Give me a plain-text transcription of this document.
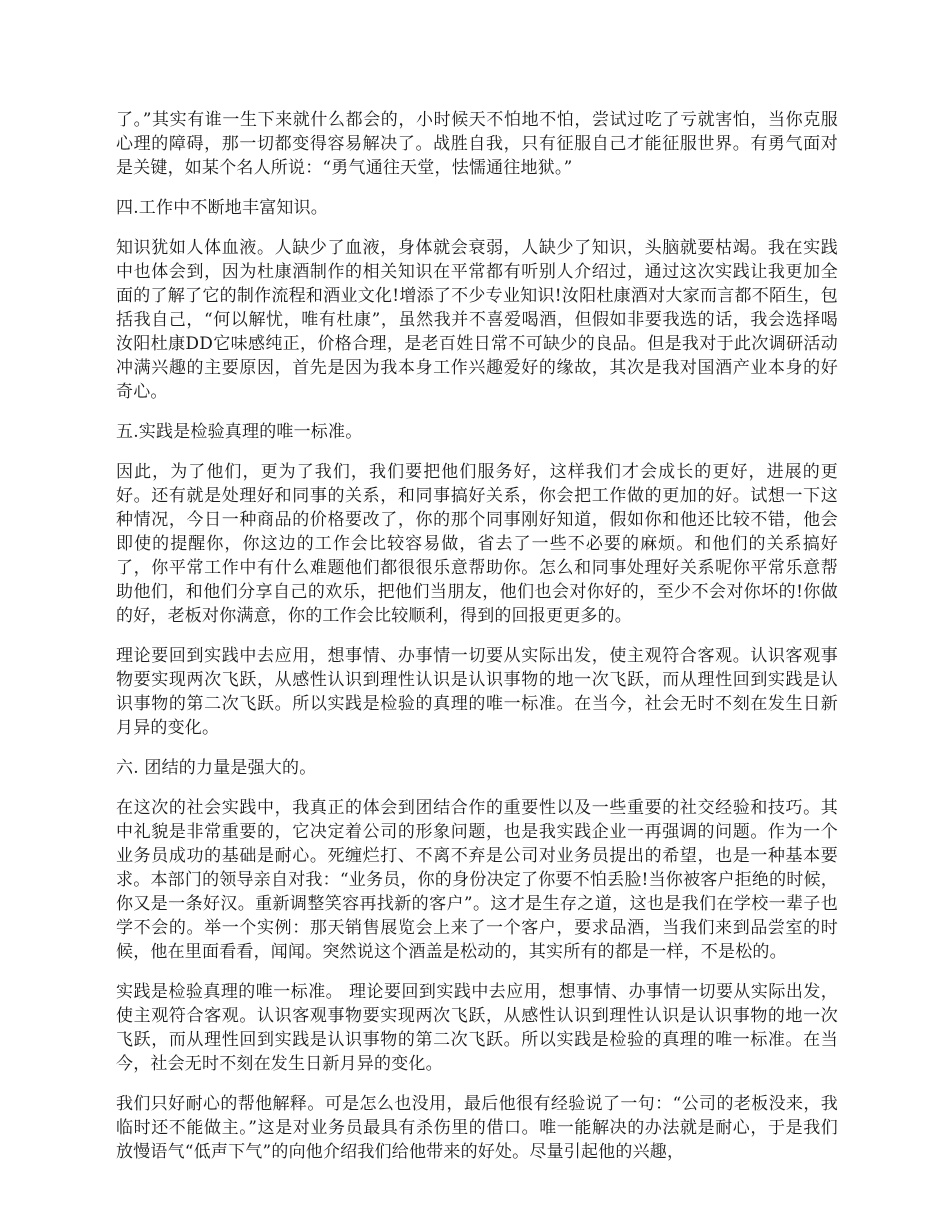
了。”其实有谁一生下来就什么都会的，小时候天不怕地不怕，尝试过吃了亏就害怕，当你克服心理的障碍，那一切都变得容易解决了。战胜自我，只有征服自己才能征服世界。有勇气面对是关键，如某个名人所说：“勇气通往天堂，怯懦通往地狱。”

四.工作中不断地丰富知识。

知识犹如人体血液。人缺少了血液，身体就会衰弱，人缺少了知识，头脑就要枯竭。我在实践中也体会到，因为杜康酒制作的相关知识在平常都有听别人介绍过，通过这次实践让我更加全面的了解了它的制作流程和酒业文化!增添了不少专业知识!汝阳杜康酒对大家而言都不陌生，包括我自己，“何以解忧，唯有杜康”，虽然我并不喜爱喝酒，但假如非要我选的话，我会选择喝汝阳杜康DD它味感纯正，价格合理，是老百姓日常不可缺少的良品。但是我对于此次调研活动冲满兴趣的主要原因，首先是因为我本身工作兴趣爱好的缘故，其次是我对国酒产业本身的好奇心。

五.实践是检验真理的唯一标准。

因此，为了他们，更为了我们，我们要把他们服务好，这样我们才会成长的更好，进展的更好。还有就是处理好和同事的关系，和同事搞好关系，你会把工作做的更加的好。试想一下这种情况，今日一种商品的价格要改了，你的那个同事刚好知道，假如你和他还比较不错，他会即使的提醒你，你这边的工作会比较容易做，省去了一些不必要的麻烦。和他们的关系搞好了，你平常工作中有什么难题他们都很很乐意帮助你。怎么和同事处理好关系呢你平常乐意帮助他们，和他们分享自己的欢乐，把他们当朋友，他们也会对你好的，至少不会对你坏的!你做的好，老板对你满意，你的工作会比较顺利，得到的回报更更多的。

理论要回到实践中去应用，想事情、办事情一切要从实际出发，使主观符合客观。认识客观事物要实现两次飞跃，从感性认识到理性认识是认识事物的地一次飞跃，而从理性回到实践是认识事物的第二次飞跃。所以实践是检验的真理的唯一标准。在当今，社会无时不刻在发生日新月异的变化。

六. 团结的力量是强大的。

在这次的社会实践中，我真正的体会到团结合作的重要性以及一些重要的社交经验和技巧。其中礼貌是非常重要的，它决定着公司的形象问题，也是我实践企业一再强调的问题。作为一个业务员成功的基础是耐心。死缠烂打、不离不弃是公司对业务员提出的希望，也是一种基本要求。本部门的领导亲自对我：“业务员，你的身份决定了你要不怕丢脸!当你被客户拒绝的时候，你又是一条好汉。重新调整笑容再找新的客户”。这才是生存之道，这也是我们在学校一辈子也学不会的。举一个实例：那天销售展览会上来了一个客户，要求品酒，当我们来到品尝室的时候，他在里面看看，闻闻。突然说这个酒盖是松动的，其实所有的都是一样，不是松的。

实践是检验真理的唯一标准。 理论要回到实践中去应用，想事情、办事情一切要从实际出发，使主观符合客观。认识客观事物要实现两次飞跃，从感性认识到理性认识是认识事物的地一次飞跃，而从理性回到实践是认识事物的第二次飞跃。所以实践是检验的真理的唯一标准。在当今，社会无时不刻在发生日新月异的变化。

我们只好耐心的帮他解释。可是怎么也没用，最后他很有经验说了一句：“公司的老板没来，我临时还不能做主。”这是对业务员最具有杀伤里的借口。唯一能解决的办法就是耐心，于是我们放慢语气“低声下气”的向他介绍我们给他带来的好处。尽量引起他的兴趣，
